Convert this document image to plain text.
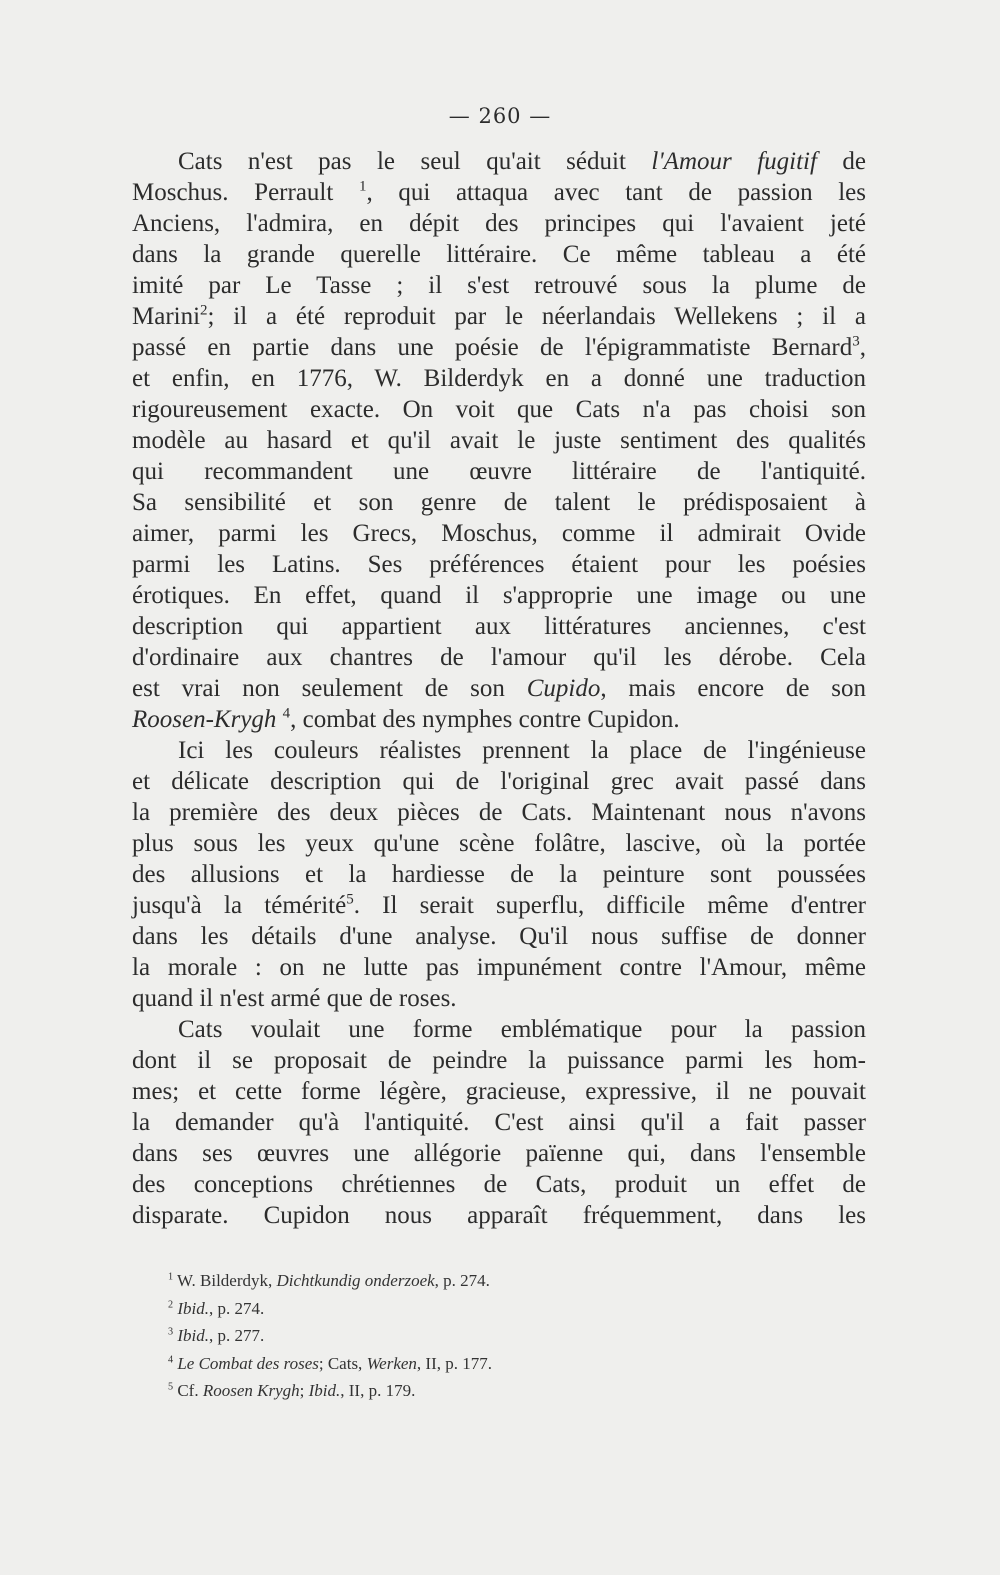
— 260 —

Cats n'est pas le seul qu'ait séduit l'Amour fugitif de
Moschus. Perrault $^1$, qui attaqua avec tant de passion les
Anciens, l'admira, en dépit des principes qui l'avaient jeté
dans la grande querelle littéraire. Ce même tableau a été
imité par Le Tasse ; il s'est retrouvé sous la plume de
Marini$^2$; il a été reproduit par le néerlandais Wellekens ; il a
passé en partie dans une poésie de l'épigrammatiste Bernard$^3$,
et enfin, en 1776, W. Bilderdyk en a donné une traduction
rigoureusement exacte. On voit que Cats n'a pas choisi son
modèle au hasard et qu'il avait le juste sentiment des qualités
qui recommandent une œuvre littéraire de l'antiquité.
Sa sensibilité et son genre de talent le prédisposaient à
aimer, parmi les Grecs, Moschus, comme il admirait Ovide
parmi les Latins. Ses préférences étaient pour les poésies
érotiques. En effet, quand il s'approprie une image ou une
description qui appartient aux littératures anciennes, c'est
d'ordinaire aux chantres de l'amour qu'il les dérobe. Cela
est vrai non seulement de son Cupido, mais encore de son
Roosen-Krygh $^4$, combat des nymphes contre Cupidon.

Ici les couleurs réalistes prennent la place de l'ingénieuse
et délicate description qui de l'original grec avait passé dans
la première des deux pièces de Cats. Maintenant nous n'avons
plus sous les yeux qu'une scène folâtre, lascive, où la portée
des allusions et la hardiesse de la peinture sont poussées
jusqu'à la témérité$^5$. Il serait superflu, difficile même d'entrer
dans les détails d'une analyse. Qu'il nous suffise de donner
la morale : on ne lutte pas impunément contre l'Amour, même
quand il n'est armé que de roses.

Cats voulait une forme emblématique pour la passion
dont il se proposait de peindre la puissance parmi les hom-
mes; et cette forme légère, gracieuse, expressive, il ne pouvait
la demander qu'à l'antiquité. C'est ainsi qu'il a fait passer
dans ses œuvres une allégorie païenne qui, dans l'ensemble
des conceptions chrétiennes de Cats, produit un effet de
disparate. Cupidon nous apparaît fréquemment, dans les

$^1$ W. Bilderdyk, Dichtkundig onderzoek, p. 274.
$^2$ Ibid., p. 274.
$^3$ Ibid., p. 277.
$^4$ Le Combat des roses; Cats, Werken, II, p. 177.
$^5$ Cf. Roosen Krygh; Ibid., II, p. 179.
